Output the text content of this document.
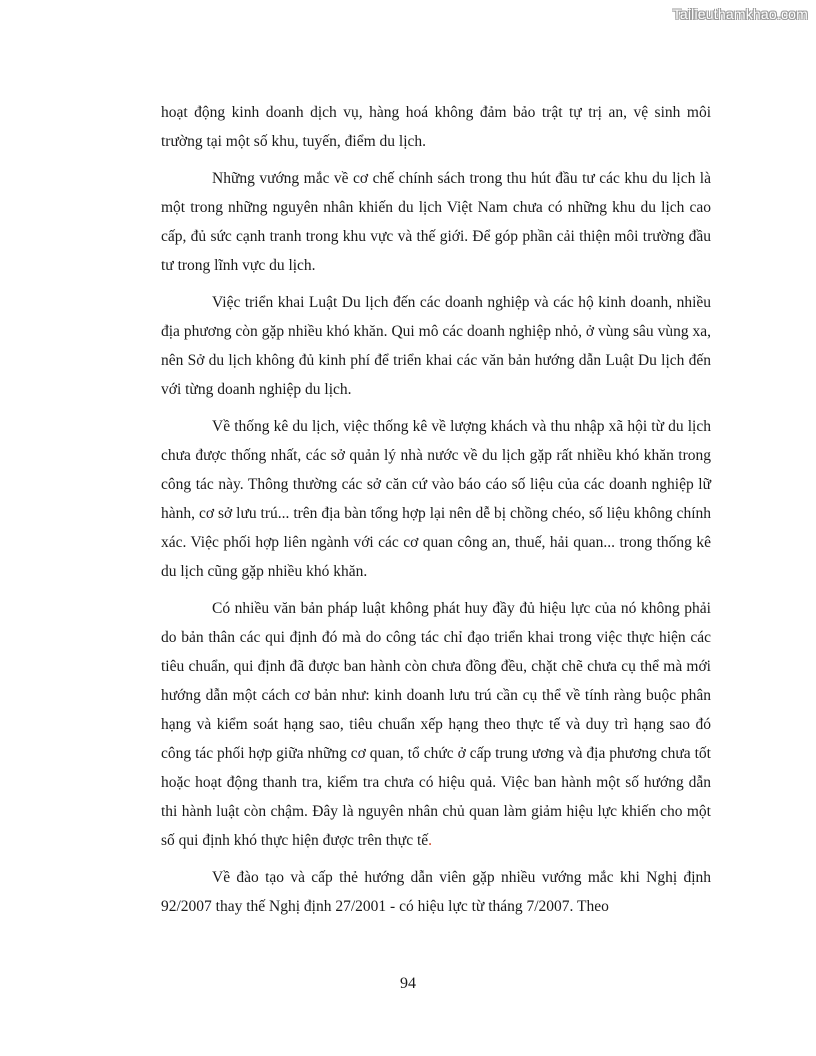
Tailieuthamkhao.com

hoạt động kinh doanh dịch vụ, hàng hoá không đảm bảo trật tự trị an, vệ sinh môi trường tại một số khu, tuyến, điểm du lịch.

Những vướng mắc về cơ chế chính sách trong thu hút đầu tư các khu du lịch là một trong những nguyên nhân khiến du lịch Việt Nam chưa có những khu du lịch cao cấp, đủ sức cạnh tranh trong khu vực và thế giới. Để góp phần cải thiện môi trường đầu tư trong lĩnh vực du lịch.

Việc triển khai Luật Du lịch đến các doanh nghiệp và các hộ kinh doanh, nhiều địa phương còn gặp nhiều khó khăn. Qui mô các doanh nghiệp nhỏ, ở vùng sâu vùng xa, nên Sở du lịch không đủ kinh phí để triển khai các văn bản hướng dẫn Luật Du lịch đến với từng doanh nghiệp du lịch.

Về thống kê du lịch, việc thống kê về lượng khách và thu nhập xã hội từ du lịch chưa được thống nhất, các sở quản lý nhà nước về du lịch gặp rất nhiều khó khăn trong công tác này. Thông thường các sở căn cứ vào báo cáo số liệu của các doanh nghiệp lữ hành, cơ sở lưu trú... trên địa bàn tổng hợp lại nên dễ bị chồng chéo, số liệu không chính xác. Việc phối hợp liên ngành với các cơ quan công an, thuế, hải quan... trong thống kê du lịch cũng gặp nhiều khó khăn.

Có nhiều văn bản pháp luật không phát huy đầy đủ hiệu lực của nó không phải do bản thân các qui định đó mà do công tác chỉ đạo triển khai trong việc thực hiện các tiêu chuẩn, qui định đã được ban hành còn chưa đồng đều, chặt chẽ chưa cụ thể mà mới hướng dẫn một cách cơ bản như: kinh doanh lưu trú cần cụ thể về tính ràng buộc phân hạng và kiểm soát hạng sao, tiêu chuẩn xếp hạng theo thực tế và duy trì hạng sao đó công tác phối hợp giữa những cơ quan, tổ chức ở cấp trung ương và địa phương chưa tốt hoặc hoạt động thanh tra, kiểm tra chưa có hiệu quả. Việc ban hành một số hướng dẫn thi hành luật còn chậm. Đây là nguyên nhân chủ quan làm giảm hiệu lực khiến cho một số qui định khó thực hiện được trên thực tế.

Về đào tạo và cấp thẻ hướng dẫn viên gặp nhiều vướng mắc khi Nghị định 92/2007 thay thế Nghị định 27/2001 - có hiệu lực từ tháng 7/2007. Theo

94
